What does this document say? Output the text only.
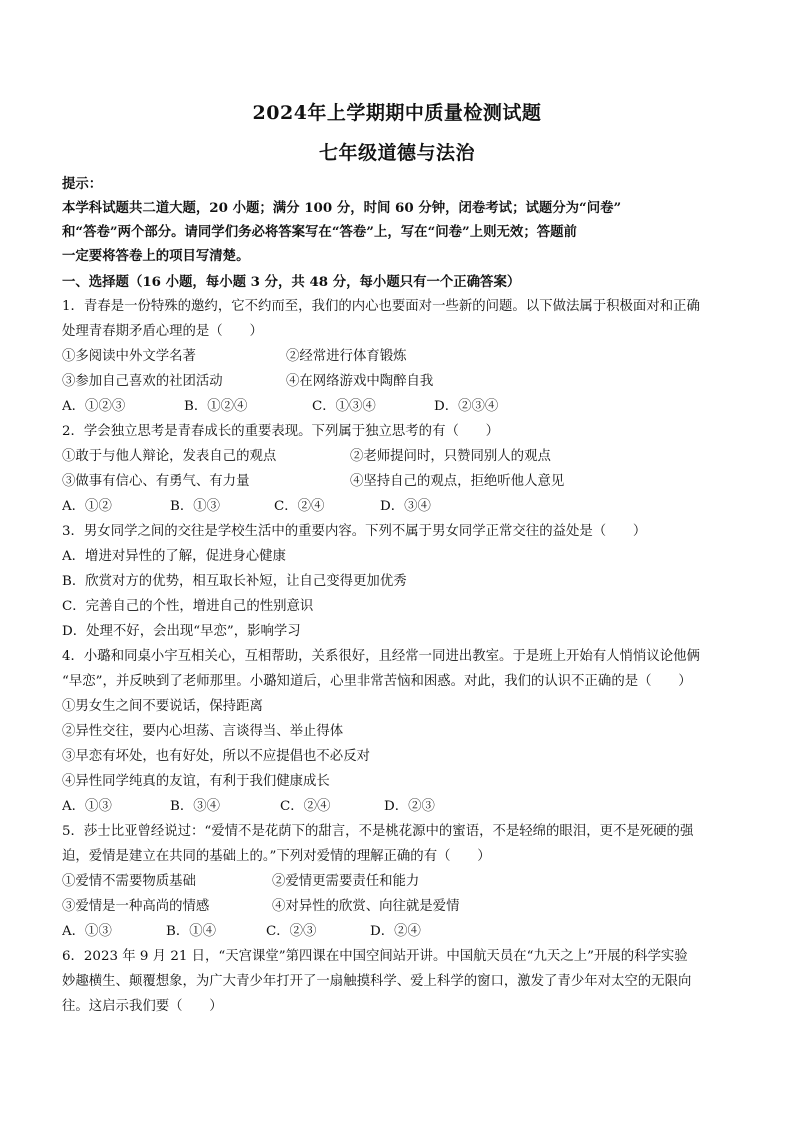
2024年上学期期中质量检测试题
七年级道德与法治
提示：
本学科试题共二道大题，20 小题；满分 100 分，时间 60 分钟，闭卷考试；试题分为“问卷”
和“答卷”两个部分。请同学们务必将答案写在“答卷”上，写在“问卷”上则无效；答题前
一定要将答卷上的项目写清楚。
一、选择题（16 小题，每小题 3 分，共 48 分，每小题只有一个正确答案）
1．青春是一份特殊的邀约，它不约而至，我们的内心也要面对一些新的问题。以下做法属于积极面对和正确
处理青春期矛盾心理的是（　　）
①多阅读中外文学名著	②经常进行体育锻炼
③参加自己喜欢的社团活动	④在网络游戏中陶醉自我
A．①②③	B．①②④	C．①③④	D．②③④
2．学会独立思考是青春成长的重要表现。下列属于独立思考的有（　　）
①敢于与他人辩论，发表自己的观点	②老师提问时，只赞同别人的观点
③做事有信心、有勇气、有力量	④坚持自己的观点，拒绝听他人意见
A．①②	B．①③	C．②④	D．③④
3．男女同学之间的交往是学校生活中的重要内容。下列不属于男女同学正常交往的益处是（　　）
A．增进对异性的了解，促进身心健康
B．欣赏对方的优势，相互取长补短，让自己变得更加优秀
C．完善自己的个性，增进自己的性别意识
D．处理不好，会出现“早恋”，影响学习
4．小璐和同桌小宇互相关心，互相帮助，关系很好，且经常一同进出教室。于是班上开始有人悄悄议论他俩
“早恋”，并反映到了老师那里。小璐知道后，心里非常苦恼和困惑。对此，我们的认识不正确的是（　　）
①男女生之间不要说话，保持距离
②异性交往，要内心坦荡、言谈得当、举止得体
③早恋有坏处，也有好处，所以不应提倡也不必反对
④异性同学纯真的友谊，有利于我们健康成长
A．①③	B．③④	C．②④	D．②③
5．莎士比亚曾经说过：“爱情不是花荫下的甜言，不是桃花源中的蜜语，不是轻绵的眼泪，更不是死硬的强
迫，爱情是建立在共同的基础上的。”下列对爱情的理解正确的有（　　）
①爱情不需要物质基础	②爱情更需要责任和能力
③爱情是一种高尚的情感	④对异性的欣赏、向往就是爱情
A．①③	B．①④	C．②③	D．②④
6．2023 年 9 月 21 日，“天宫课堂”第四课在中国空间站开讲。中国航天员在“九天之上”开展的科学实验
妙趣横生、颠覆想象，为广大青少年打开了一扇触摸科学、爱上科学的窗口，激发了青少年对太空的无限向
往。这启示我们要（　　）
